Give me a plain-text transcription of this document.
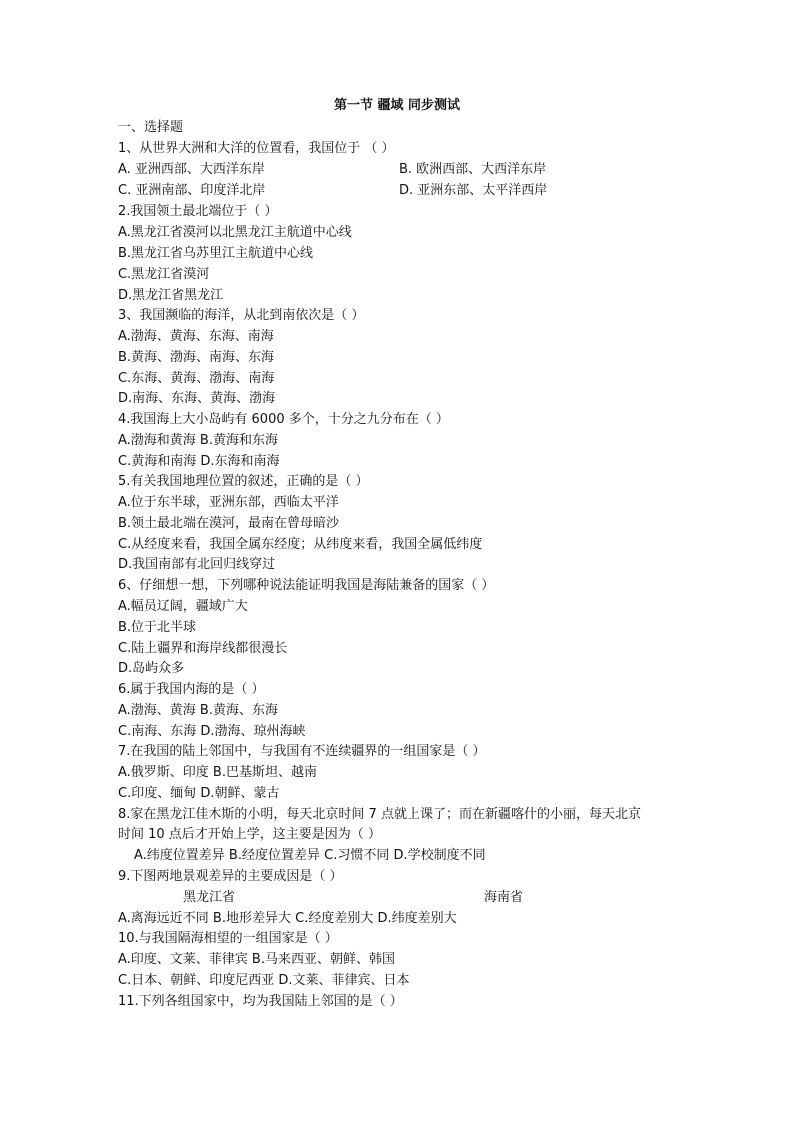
第一节 疆域 同步测试
一、选择题
1、从世界大洲和大洋的位置看，我国位于 （ ）
A. 亚洲西部、大西洋东岸	B. 欧洲西部、大西洋东岸
C. 亚洲南部、印度洋北岸	D. 亚洲东部、太平洋西岸
2.我国领土最北端位于（ ）
A.黑龙江省漠河以北黑龙江主航道中心线
B.黑龙江省乌苏里江主航道中心线
C.黑龙江省漠河
D.黑龙江省黑龙江
3、我国濒临的海洋，从北到南依次是（ ）
A.渤海、黄海、东海、南海
B.黄海、渤海、南海、东海
C.东海、黄海、渤海、南海
D.南海、东海、黄海、渤海
4.我国海上大小岛屿有 6000 多个，十分之九分布在（ ）
A.渤海和黄海 B.黄海和东海
C.黄海和南海 D.东海和南海
5.有关我国地理位置的叙述，正确的是（ ）
A.位于东半球，亚洲东部，西临太平洋
B.领土最北端在漠河，最南在曾母暗沙
C.从经度来看，我国全属东经度；从纬度来看，我国全属低纬度
D.我国南部有北回归线穿过
6、仔细想一想，下列哪种说法能证明我国是海陆兼备的国家（ ）
A.幅员辽阔，疆域广大
B.位于北半球
C.陆上疆界和海岸线都很漫长
D.岛屿众多
6.属于我国内海的是（ ）
A.渤海、黄海 B.黄海、东海
C.南海、东海 D.渤海、琼州海峡
7.在我国的陆上邻国中，与我国有不连续疆界的一组国家是（ ）
A.俄罗斯、印度 B.巴基斯坦、越南
C.印度、缅甸 D.朝鲜、蒙古
8.家在黑龙江佳木斯的小明，每天北京时间 7 点就上课了；而在新疆喀什的小丽，每天北京
时间 10 点后才开始上学，这主要是因为（ ）
A.纬度位置差异 B.经度位置差异 C.习惯不同 D.学校制度不同
9.下图两地景观差异的主要成因是（ ）
黑龙江省	海南省
A.离海远近不同 B.地形差异大 C.经度差别大 D.纬度差别大
10.与我国隔海相望的一组国家是（ ）
A.印度、文莱、菲律宾 B.马来西亚、朝鲜、韩国
C.日本、朝鲜、印度尼西亚 D.文莱、菲律宾、日本
11.下列各组国家中，均为我国陆上邻国的是（ ）
